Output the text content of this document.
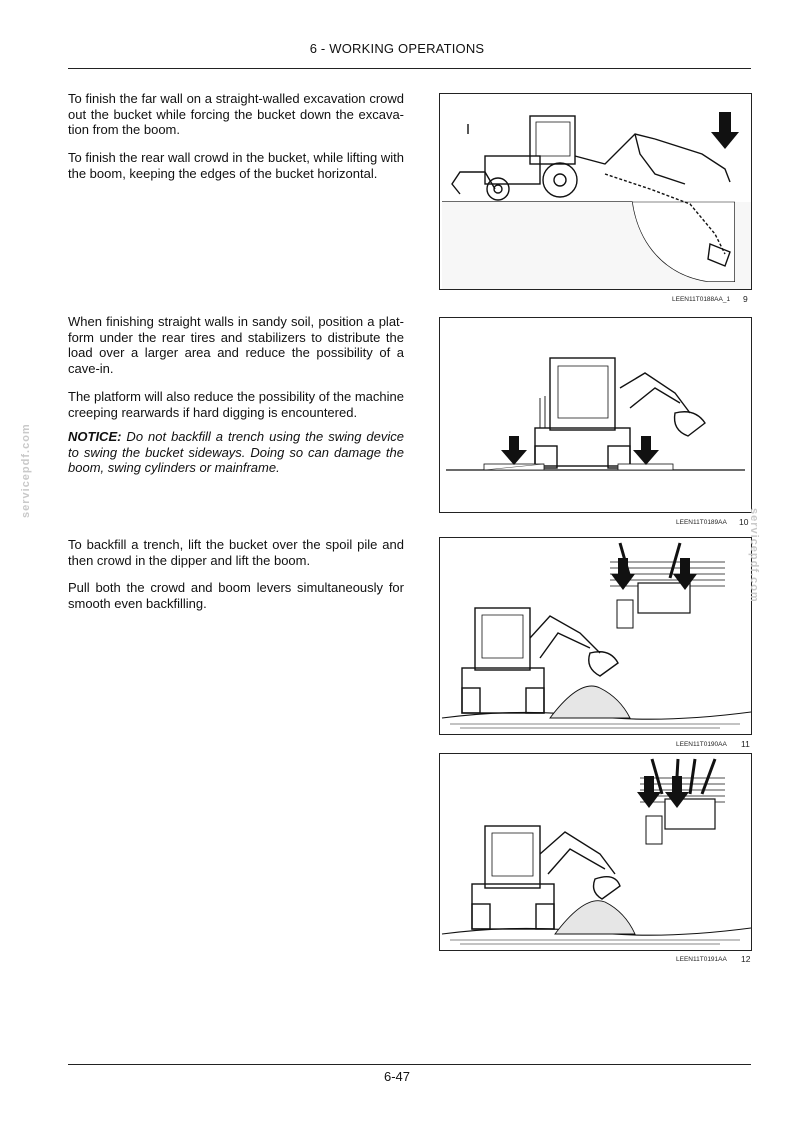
6 - WORKING OPERATIONS
To finish the far wall on a straight-walled excavation crowd out the bucket while forcing the bucket down the excava-tion from the boom.
To finish the rear wall crowd in the bucket, while lifting with the boom, keeping the edges of the bucket horizontal.
When finishing straight walls in sandy soil, position a plat-form under the rear tires and stabilizers to distribute the load over a larger area and reduce the possibility of a cave-in.
The platform will also reduce the possibility of the machine creeping rearwards if hard digging is encountered.
NOTICE: Do not backfill a trench using the swing device to swing the bucket sideways. Doing so can damage the boom, swing cylinders or mainframe.
To backfill a trench, lift the bucket over the spoil pile and then crowd in the dipper and lift the boom.
Pull both the crowd and boom levers simultaneously for smooth even backfilling.
LEEN11T0188AA_1 9
LEEN11T0189AA 10
LEEN11T0190AA 11
LEEN11T0191AA 12
servicepdf.com
servicepdf.com
6-47
